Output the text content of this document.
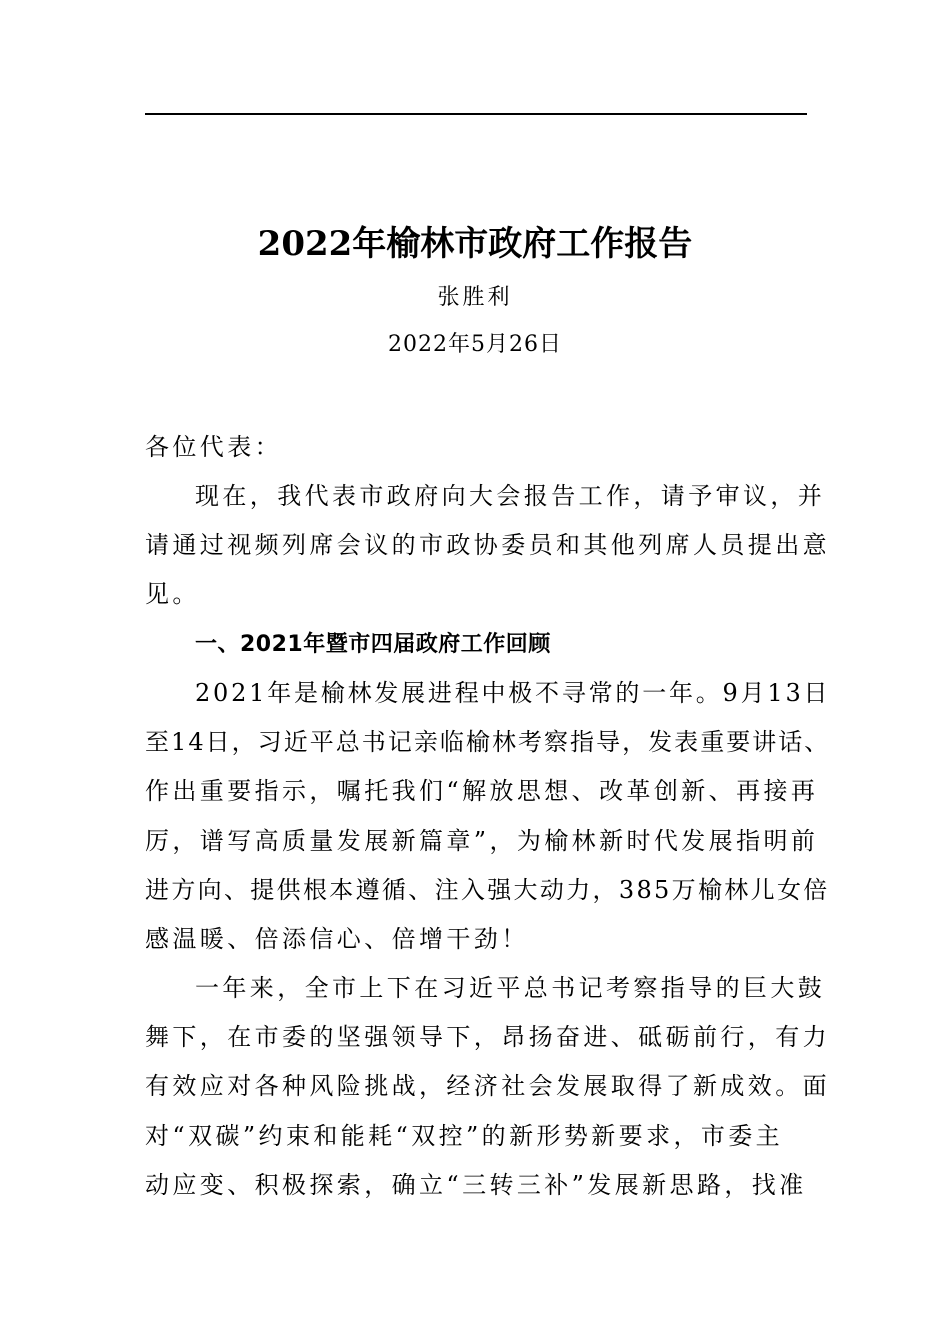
2022年榆林市政府工作报告
张胜利
2022年5月26日
各位代表：
现在，我代表市政府向大会报告工作，请予审议，并
请通过视频列席会议的市政协委员和其他列席人员提出意
见。
一、2021年暨市四届政府工作回顾
2021年是榆林发展进程中极不寻常的一年。9月13日
至14日，习近平总书记亲临榆林考察指导，发表重要讲话、
作出重要指示，嘱托我们“解放思想、改革创新、再接再
厉，谱写高质量发展新篇章”，为榆林新时代发展指明前
进方向、提供根本遵循、注入强大动力，385万榆林儿女倍
感温暖、倍添信心、倍增干劲！
一年来，全市上下在习近平总书记考察指导的巨大鼓
舞下，在市委的坚强领导下，昂扬奋进、砥砺前行，有力
有效应对各种风险挑战，经济社会发展取得了新成效。面
对“双碳”约束和能耗“双控”的新形势新要求，市委主
动应变、积极探索，确立“三转三补”发展新思路，找准
